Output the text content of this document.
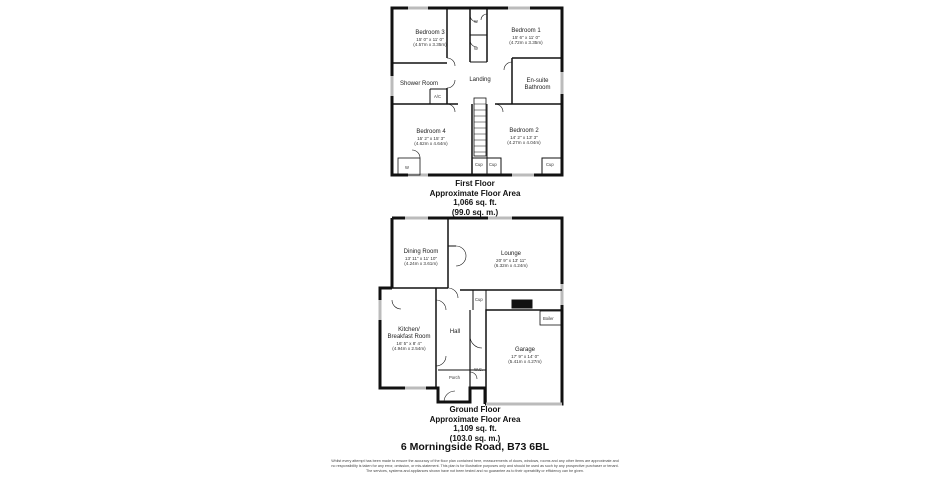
Bedroom 3
15' 0" x 11' 0"
(4.57m x 3.35m)
W
W
Bedroom 1
15' 6" x 11' 0"
(4.72m x 3.35m)
Landing
Shower Room
A/C
En-suite
Bathroom
Bedroom 4
15' 2" x 15' 3"
(4.62m x 4.64m)
W
Bedroom 2
14' 2" x 13' 3"
(4.27m x 4.04m)
Cup Cup	Cup
First Floor
Approximate Floor Area
1,066 sq. ft.
(99.0 sq. m.)
Dining Room
13' 11" x 11' 10"
(4.24m x 3.61m)
Lounge
20' 9" x 13' 11"
(6.32m x 4.24m)
Cup
Boiler
Kitchen/
Breakfast Room
16' 5" x 8' 4"
(4.94m x 2.54m)
Hall
Garage
17' 9" x 14' 0"
(5.41m x 4.27m)
W.C.
Porch
Ground Floor
Approximate Floor Area
1,109 sq. ft.
(103.0 sq. m.)
6 Morningside Road, B73 6BL
Whilst every attempt has been made to ensure the accuracy of the floor plan contained here, measurements of doors, windows, rooms and any other items are approximate and
no responsibility is taken for any error, omission, or mis-statement. This plan is for illustrative purposes only and should be used as such by any prospective purchaser or tenant.
The services, systems and appliances shown have not been tested and no guarantee as to their operability or efficiency can be given.
